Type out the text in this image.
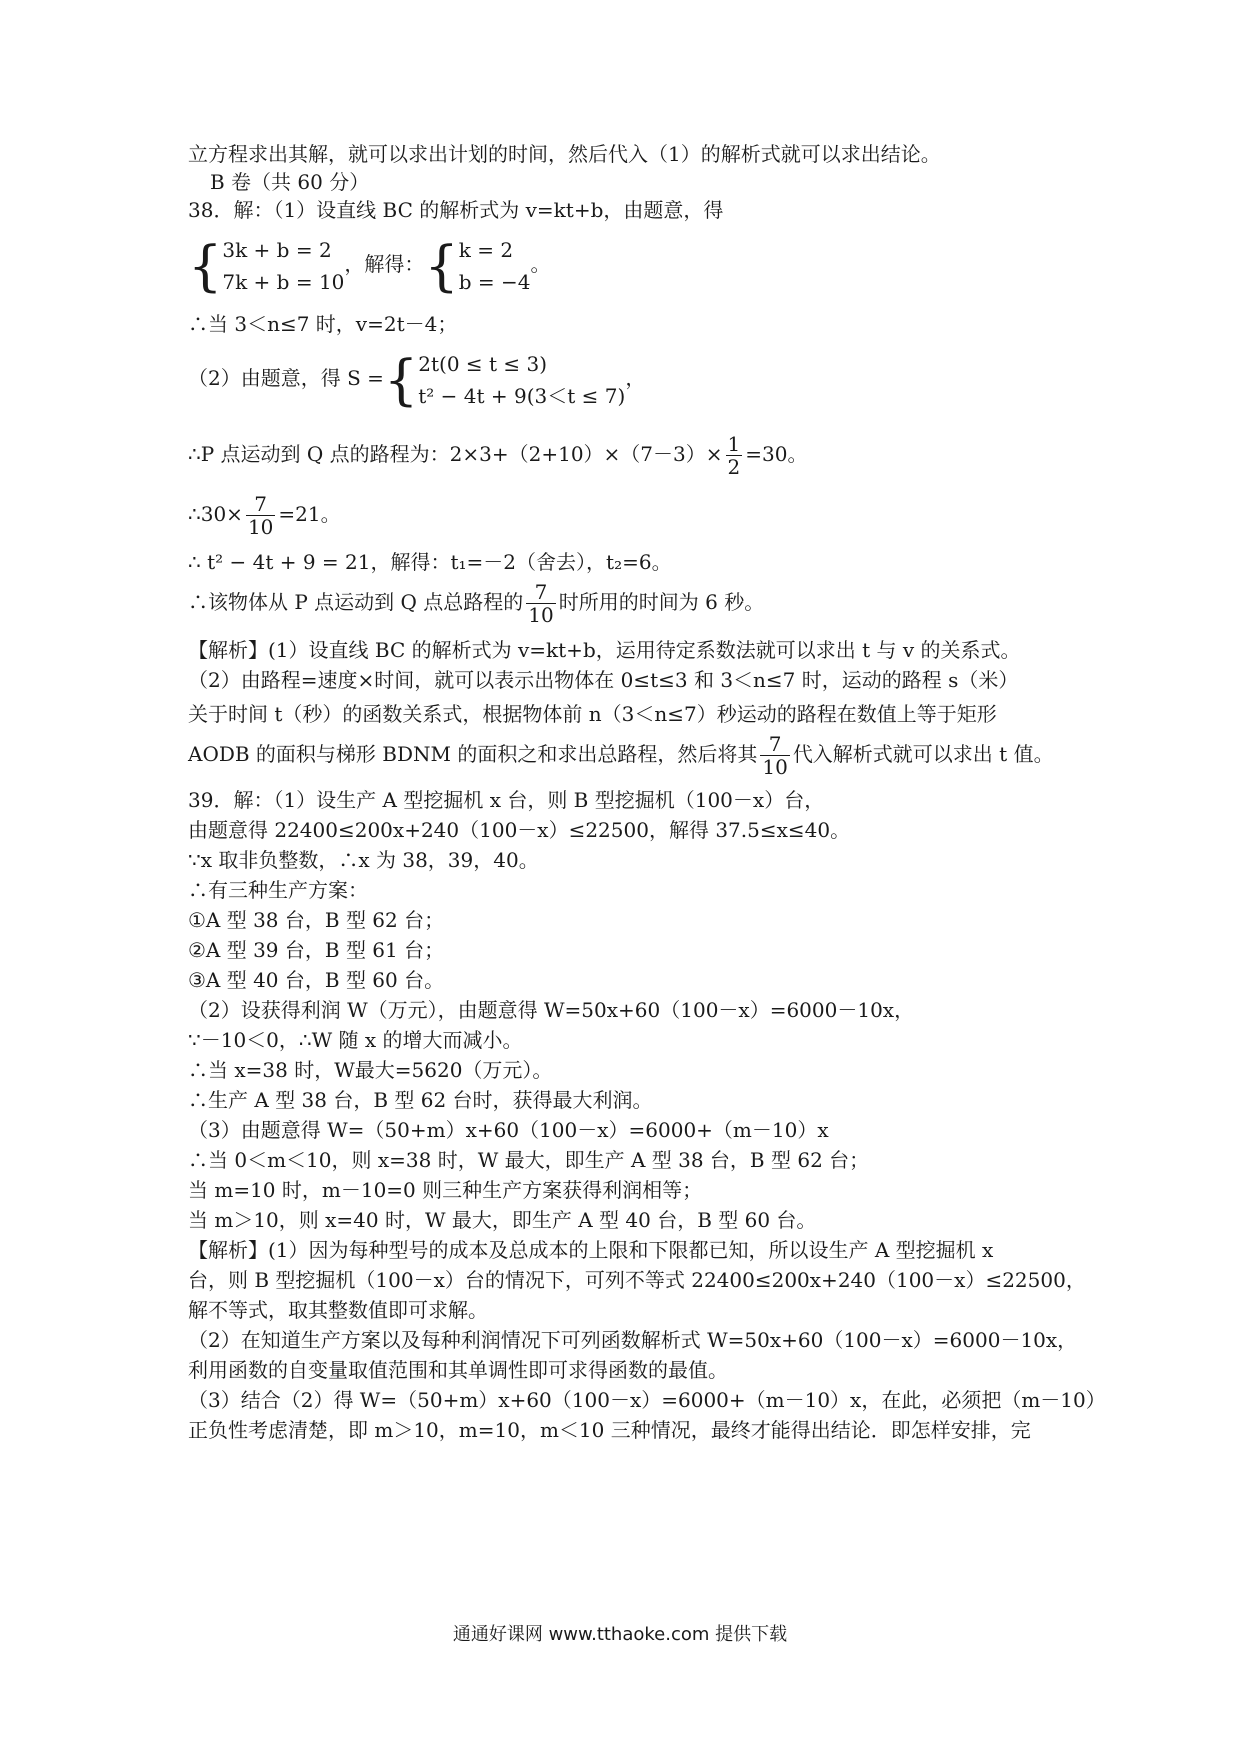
立方程求出其解，就可以求出计划的时间，然后代入（1）的解析式就可以求出结论。
B 卷（共 60 分）
38．解：（1）设直线 BC 的解析式为 v=kt+b，由题意，得
{ 3k + b = 2
7k + b = 10
，解得：{ k = 2
b = −4
。
∴当 3＜n≤7 时，v=2t－4；
（2）由题意，得 S ={ 2t(0 ≤ t ≤ 3)
t² − 4t + 9(3＜t ≤ 7)
，
∴P 点运动到 Q 点的路程为：$2\times 3+(2+10)\times(7-3)\times \frac{1}{2} =30$。
∴30× $\frac{7}{10} =21$。
∴ t² − 4t + 9 = 21，解得：t₁=－2（舍去），t₂=6。
∴该物体从 P 点运动到 Q 点总路程的 $\frac{7}{10}$ 时所用的时间为 6 秒。
【解析】(1）设直线 BC 的解析式为 v=kt+b，运用待定系数法就可以求出 t 与 v 的关系式。
（2）由路程=速度×时间，就可以表示出物体在 0≤t≤3 和 3＜n≤7 时，运动的路程 s（米）
关于时间 t（秒）的函数关系式，根据物体前 n（3＜n≤7）秒运动的路程在数值上等于矩形
AODB 的面积与梯形 BDNM 的面积之和求出总路程，然后将其 $\frac{7}{10}$ 代入解析式就可以求出 t 值。
39．解：（1）设生产 A 型挖掘机 x 台，则 B 型挖掘机（100－x）台，
由题意得 22400≤200x+240（100－x）≤22500，解得 37.5≤x≤40。
∵x 取非负整数，∴x 为 38，39，40。
∴有三种生产方案：
①A 型 38 台，B 型 62 台；
②A 型 39 台，B 型 61 台；
③A 型 40 台，B 型 60 台。
（2）设获得利润 W（万元），由题意得 W=50x+60（100－x）=6000－10x，
∵－10＜0，∴W 随 x 的增大而减小。
∴当 x=38 时，W最大=5620（万元）。
∴生产 A 型 38 台，B 型 62 台时，获得最大利润。
（3）由题意得 W=（50+m）x+60（100－x）=6000+（m－10）x
∴当 0＜m＜10，则 x=38 时，W 最大，即生产 A 型 38 台，B 型 62 台；
当 m=10 时，m－10=0 则三种生产方案获得利润相等；
当 m＞10，则 x=40 时，W 最大，即生产 A 型 40 台，B 型 60 台。
【解析】(1）因为每种型号的成本及总成本的上限和下限都已知，所以设生产 A 型挖掘机 x
台，则 B 型挖掘机（100－x）台的情况下，可列不等式 22400≤200x+240（100－x）≤22500，
解不等式，取其整数值即可求解。
（2）在知道生产方案以及每种利润情况下可列函数解析式 W=50x+60（100－x）=6000－10x，
利用函数的自变量取值范围和其单调性即可求得函数的最值。
（3）结合（2）得 W=（50+m）x+60（100－x）=6000+（m－10）x，在此，必须把（m－10）
正负性考虑清楚，即 m＞10，m=10，m＜10 三种情况，最终才能得出结论．即怎样安排，完
通通好课网 www.tthaoke.com 提供下载
